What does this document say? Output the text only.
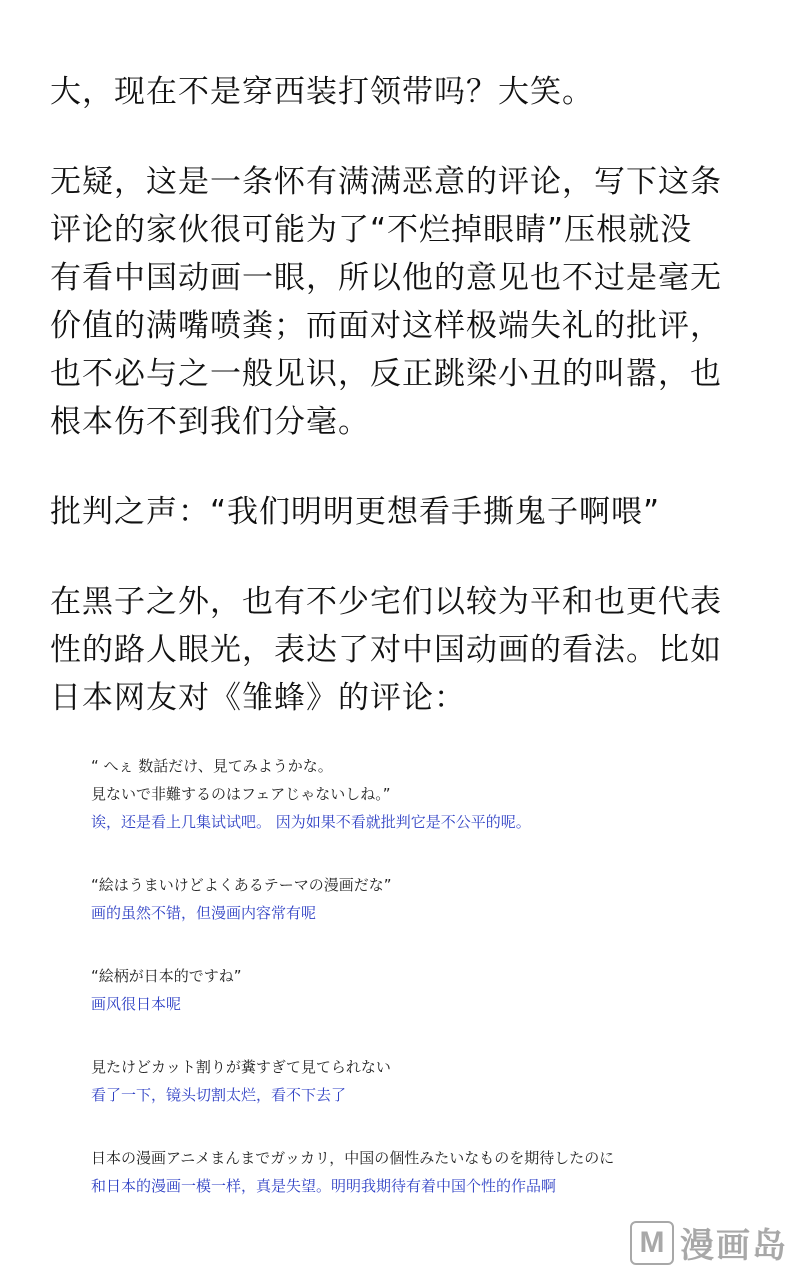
大，现在不是穿西装打领带吗？大笑。

无疑，这是一条怀有满满恶意的评论，写下这条
评论的家伙很可能为了“不烂掉眼睛”压根就没
有看中国动画一眼，所以他的意见也不过是毫无
价值的满嘴喷粪；而面对这样极端失礼的批评，
也不必与之一般见识，反正跳梁小丑的叫嚣，也
根本伤不到我们分毫。

批判之声：“我们明明更想看手撕鬼子啊喂”

在黑子之外，也有不少宅们以较为平和也更代表
性的路人眼光，表达了对中国动画的看法。比如
日本网友对《雏蜂》的评论：

“ へぇ 数話だけ、見てみようかな。
見ないで非難するのはフェアじゃないしね。”
诶，还是看上几集试试吧。 因为如果不看就批判它是不公平的呢。
“絵はうまいけどよくあるテーマの漫画だな”
画的虽然不错，但漫画内容常有呢
“絵柄が日本的ですね”
画风很日本呢
見たけどカット割りが糞すぎて見てられない
看了一下，镜头切割太烂，看不下去了
日本の漫画アニメまんまでガッカリ，中国の個性みたいなものを期待したのに
和日本的漫画一模一样，真是失望。明明我期待有着中国个性的作品啊
M 漫画岛
